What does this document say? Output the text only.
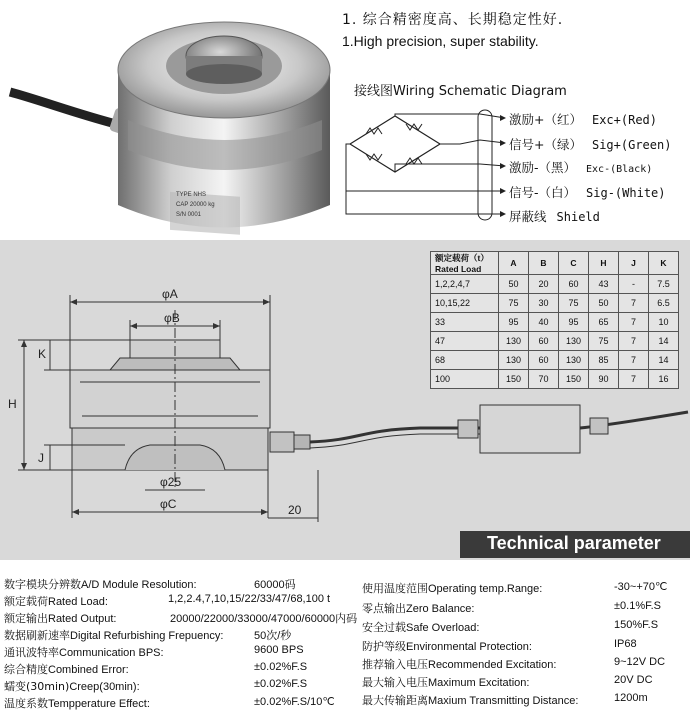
TYPE NHS
CAP 20000 kg
S/N 0001
1. 综合精密度高、长期稳定性好.
1.High precision, super stability.
接线图Wiring Schematic Diagram
激励+（红） Exc+(Red)
信号+（绿） Sig+(Green)
激励-（黑） Exc-(Black)
信号-（白） Sig-(White)
屏蔽线 Shield
φA
φB
φC
φ25
H
K
J
20
额定载荷（t）
Rated Load	A	B	C	H	J	K
1,2,2,4,7	50	20	60	43	-	7.5
10,15,22	75	30	75	50	7	6.5
33	95	40	95	65	7	10
47	130	60	130	75	7	14
68	130	60	130	85	7	14
100	150	70	150	90	7	16
Technical parameter
数字模块分辨数A/D Module Resolution:	60000码
额定载荷Rated Load:	1,2,2.4,7,10,15/22/33/47/68,100 t
额定输出Rated Output:	20000/22000/33000/47000/60000内码
数据刷新速率Digital Refurbishing Frepuency:	50次/秒
通讯波特率Communication BPS:	9600 BPS
综合精度Combined Error:	±0.02%F.S
蠕变(30min)Creep(30min):	±0.02%F.S
温度系数Tempperature Effect:	±0.02%F.S/10℃
使用温度范围Operating temp.Range:	-30~+70℃
零点输出Zero Balance:	±0.1%F.S
安全过载Safe Overload:	150%F.S
防护等级Environmental Protection:	IP68
推荐输入电压Recommended Excitation:	9~12V DC
最大输入电压Maximum Excitation:	20V DC
最大传输距离Maxium Transmitting Distance:	1200m
